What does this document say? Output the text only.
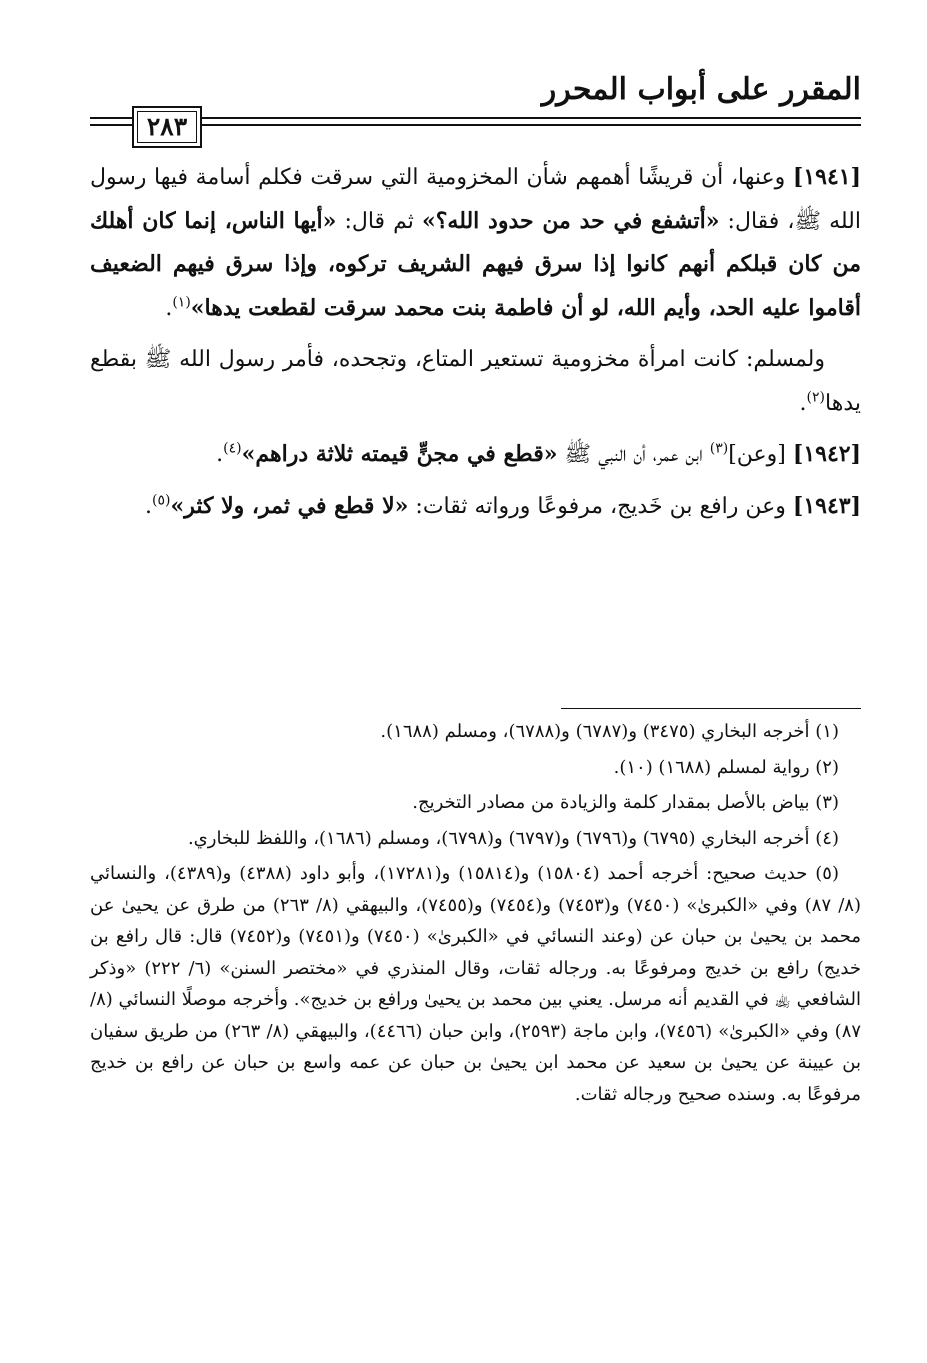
المقرر على أبواب المحرر
٢٨٣

[١٩٤١] وعنها، أن قريشًا أهمهم شأن المخزومية التي سرقت فكلم أسامة فيها رسول الله ﷺ، فقال: «أتشفع في حد من حدود الله؟» ثم قال: «أيها الناس، إنما كان أهلك من كان قبلكم أنهم كانوا إذا سرق فيهم الشريف تركوه، وإذا سرق فيهم الضعيف أقاموا عليه الحد، وأيم الله، لو أن فاطمة بنت محمد سرقت لقطعت يدها»$^{(١)}$.

ولمسلم: كانت امرأة مخزومية تستعير المتاع، وتجحده، فأمر رسول الله ﷺ بقطع يدها$^{(٢)}$.

[١٩٤٢] [وعن]$^{(٣)}$ ابن عمر، أن النبي ﷺ «قطع في مجنٍّ قيمته ثلاثة دراهم»$^{(٤)}$.

[١٩٤٣] وعن رافع بن خَديج، مرفوعًا ورواته ثقات: «لا قطع في ثمر، ولا كثر»$^{(٥)}$.

(١) أخرجه البخاري (٣٤٧٥) و(٦٧٨٧) و(٦٧٨٨)، ومسلم (١٦٨٨).

(٢) رواية لمسلم (١٦٨٨) (١٠).

(٣) بياض بالأصل بمقدار كلمة والزيادة من مصادر التخريج.

(٤) أخرجه البخاري (٦٧٩٥) و(٦٧٩٦) و(٦٧٩٧) و(٦٧٩٨)، ومسلم (١٦٨٦)، واللفظ للبخاري.

(٥) حديث صحيح: أخرجه أحمد (١٥٨٠٤) و(١٥٨١٤) و(١٧٢٨١)، وأبو داود (٤٣٨٨) و(٤٣٨٩)، والنسائي (٨/ ٨٧) وفي «الكبرىٰ» (٧٤٥٠) و(٧٤٥٣) و(٧٤٥٤) و(٧٤٥٥)، والبيهقي (٨/ ٢٦٣) من طرق عن يحيىٰ عن محمد بن يحيىٰ بن حبان عن (وعند النسائي في «الكبرىٰ» (٧٤٥٠) و(٧٤٥١) و(٧٤٥٢) قال: قال رافع بن خديج) رافع بن خديج ومرفوعًا به. ورجاله ثقات، وقال المنذري في «مختصر السنن» (٦/ ٢٢٢) «وذكر الشافعي ﵀ في القديم أنه مرسل. يعني بين محمد بن يحيىٰ ورافع بن خديج». وأخرجه موصلًا النسائي (٨/ ٨٧) وفي «الكبرىٰ» (٧٤٥٦)، وابن ماجة (٢٥٩٣)، وابن حبان (٤٤٦٦)، والبيهقي (٨/ ٢٦٣) من طريق سفيان بن عيينة عن يحيىٰ بن سعيد عن محمد ابن يحيىٰ بن حبان عن عمه واسع بن حبان عن رافع بن خديج مرفوعًا به. وسنده صحيح ورجاله ثقات.
